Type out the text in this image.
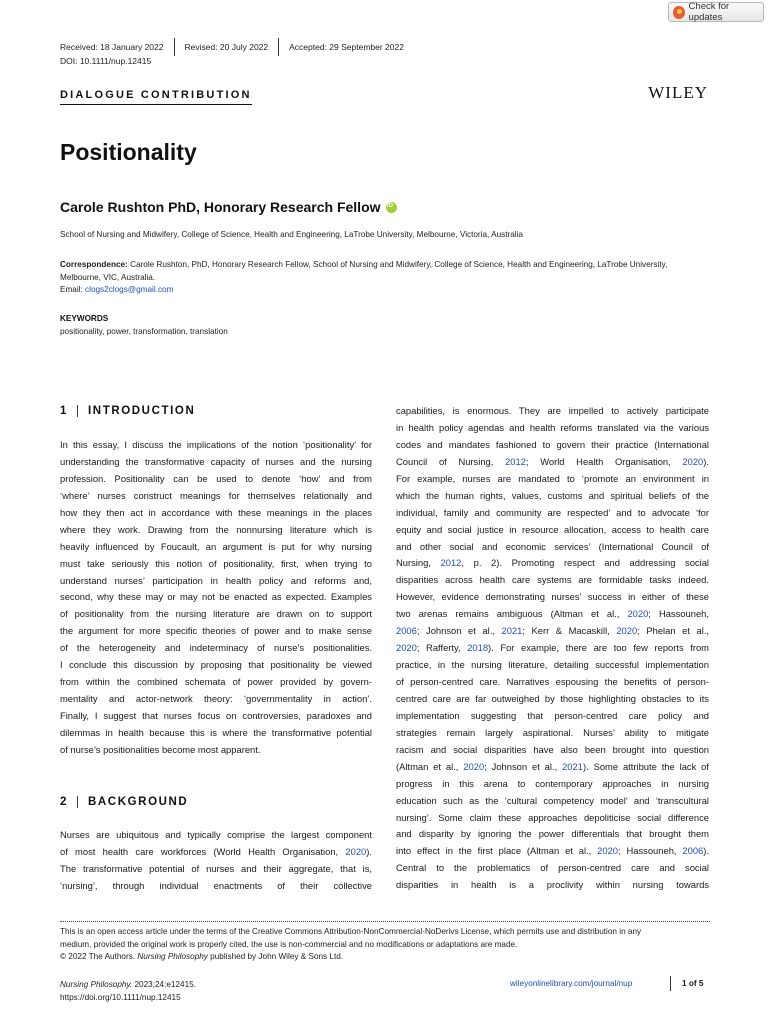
Check for updates
Received: 18 January 2022 Revised: 20 July 2022 Accepted: 29 September 2022
DOI: 10.1111/nup.12415
DIALOGUE CONTRIBUTION	WILEY
Positionality
Carole Rushton PhD, Honorary Research Fellow
iD
School of Nursing and Midwifery, College of Science, Health and Engineering, LaTrobe University, Melbourne, Victoria, Australia
Correspondence: Carole Rushton, PhD, Honorary Research Fellow, School of Nursing and Midwifery, College of Science, Health and Engineering, LaTrobe University, Melbourne, VIC, Australia.
Email: clogs2clogs@gmail.com
KEYWORDS
positionality, power, transformation, translation
1 INTRODUCTION
In this essay, I discuss the implications of the notion ‘positionality’ for
understanding the transformative capacity of nurses and the nursing
profession. Positionality can be used to denote ‘how’ and from
‘where’ nurses construct meanings for themselves relationally and
how they then act in accordance with these meanings in the places
where they work. Drawing from the nonnursing literature which is
heavily influenced by Foucault, an argument is put for why nursing
must take seriously this notion of positionality, first, when trying to
understand nurses’ participation in health policy and reforms and,
second, why these may or may not be enacted as expected. Examples
of positionality from the nursing literature are drawn on to support
the argument for more specific theories of power and to make sense
of the heterogeneity and indeterminacy of nurse’s positionalities.
I conclude this discussion by proposing that positionality be viewed
from within the combined schemata of power provided by govern-
mentality and actor-network theory: ‘governmentality in action’.
Finally, I suggest that nurses focus on controversies, paradoxes and
dilemmas in health because this is where the transformative potential
of nurse’s positionalities become most apparent.
2 BACKGROUND
Nurses are ubiquitous and typically comprise the largest component
of most health care workforces (World Health Organisation, 2020).
The transformative potential of nurses and their aggregate, that is,
‘nursing’, through individual enactments of their collective
capabilities, is enormous. They are impelled to actively participate
in health policy agendas and health reforms translated via the various
codes and mandates fashioned to govern their practice (International
Council of Nursing, 2012; World Health Organisation, 2020).
For example, nurses are mandated to ‘promote an environment in
which the human rights, values, customs and spiritual beliefs of the
individual, family and community are respected’ and to advocate ‘for
equity and social justice in resource allocation, access to health care
and other social and economic services’ (International Council of
Nursing, 2012, p. 2). Promoting respect and addressing social
disparities across health care systems are formidable tasks indeed.
However, evidence demonstrating nurses’ success in either of these
two arenas remains ambiguous (Altman et al., 2020; Hassouneh,
2006; Johnson et al., 2021; Kerr & Macaskill, 2020; Phelan et al.,
2020; Rafferty, 2018). For example, there are too few reports from
practice, in the nursing literature, detailing successful implementation
of person-centred care. Narratives espousing the benefits of person-
centred care are far outweighed by those highlighting obstacles to its
implementation suggesting that person-centred care policy and
strategies remain largely aspirational. Nurses’ ability to mitigate
racism and social disparities have also been brought into question
(Altman et al., 2020; Johnson et al., 2021). Some attribute the lack of
progress in this arena to contemporary approaches in nursing
education such as the ‘cultural competency model’ and ‘transcultural
nursing’. Some claim these approaches depoliticise social difference
and disparity by ignoring the power differentials that brought them
into effect in the first place (Altman et al., 2020; Hassouneh, 2006).
Central to the problematics of person-centred care and social
disparities in health is a proclivity within nursing towards
This is an open access article under the terms of the Creative Commons Attribution-NonCommercial-NoDerivs License, which permits use and distribution in any
medium, provided the original work is properly cited, the use is non-commercial and no modifications or adaptations are made.
© 2022 The Authors. Nursing Philosophy published by John Wiley & Sons Ltd.
Nursing Philosophy. 2023;24:e12415.
https://doi.org/10.1111/nup.12415
wileyonlinelibrary.com/journal/nup	1 of 5
